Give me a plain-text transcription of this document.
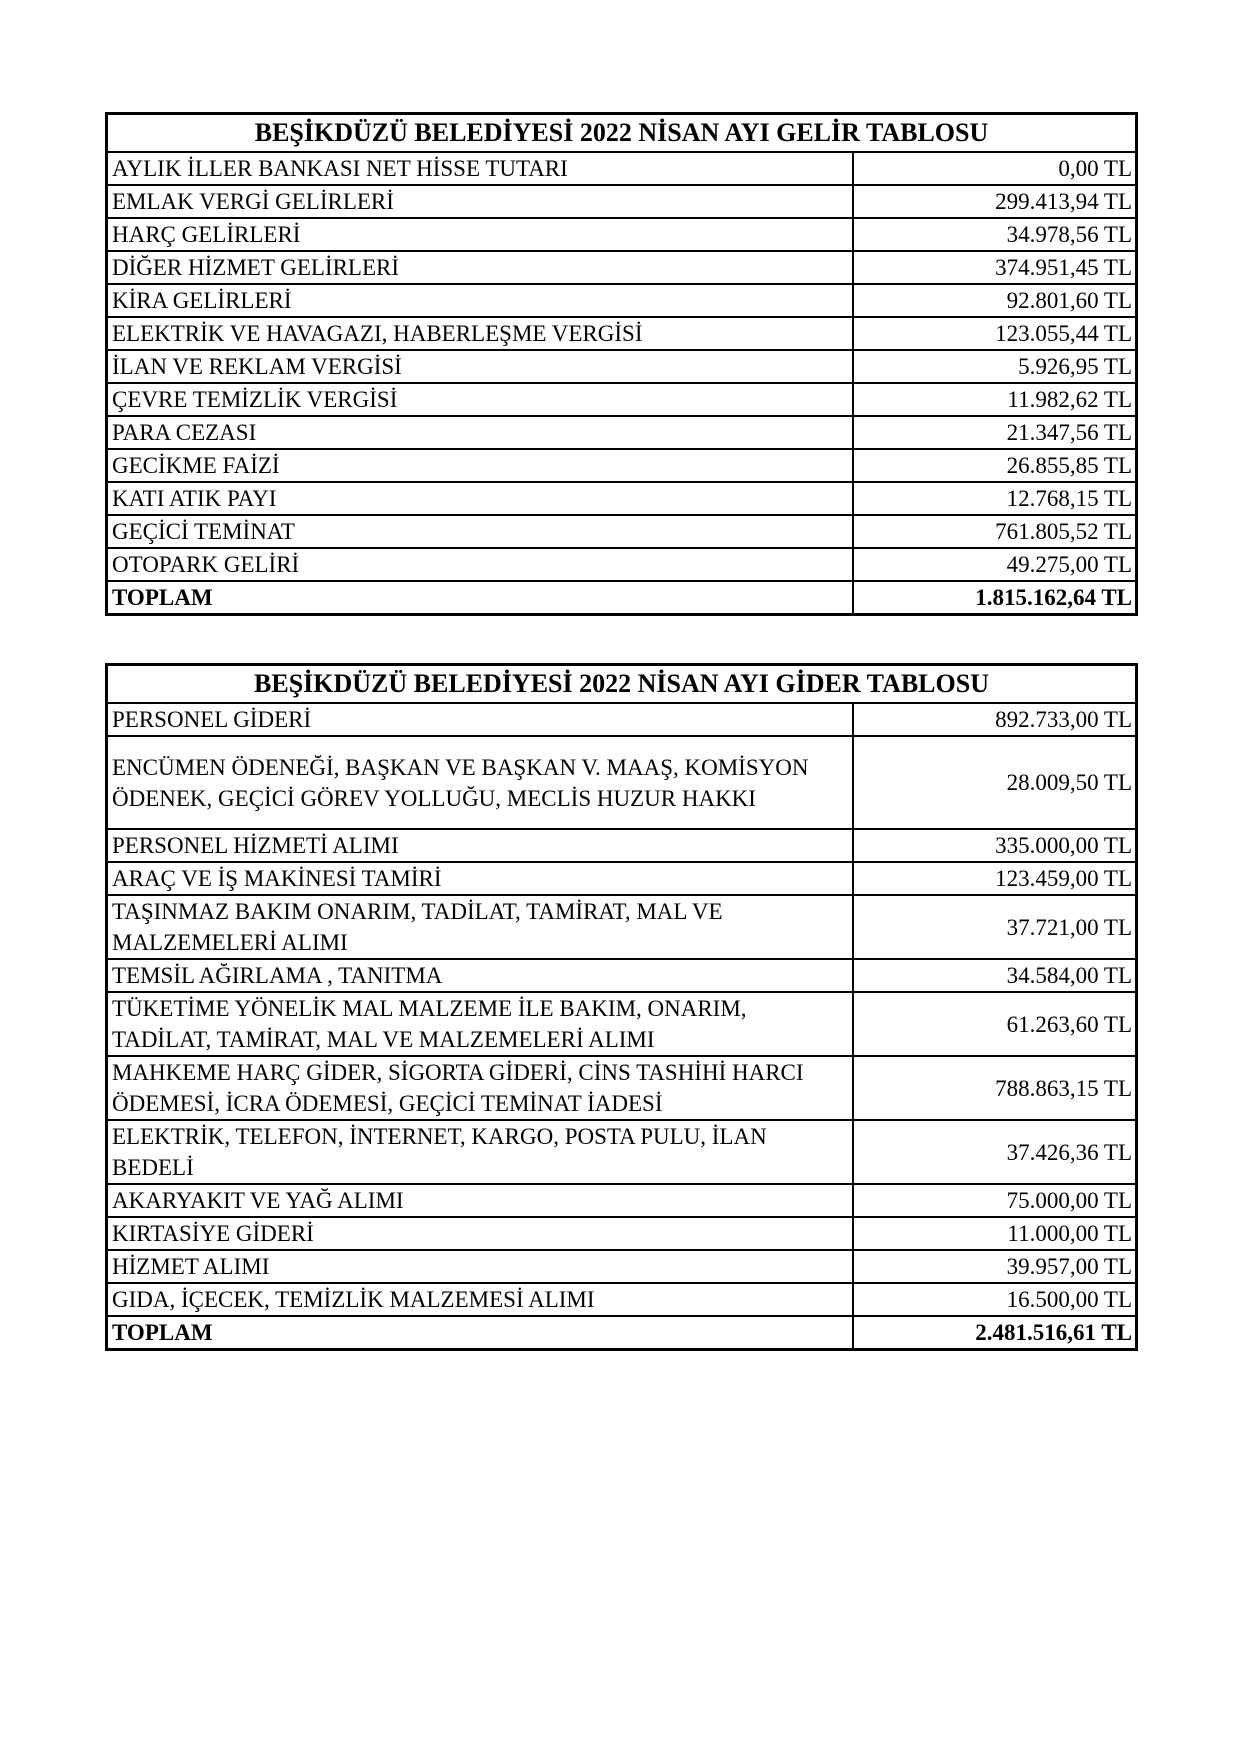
BEŞİKDÜZÜ BELEDİYESİ 2022 NİSAN AYI GELİR TABLOSU	
AYLIK İLLER BANKASI NET HİSSE TUTARI	0,00 TL
EMLAK VERGİ GELİRLERİ	299.413,94 TL
HARÇ GELİRLERİ	34.978,56 TL
DİĞER HİZMET GELİRLERİ	374.951,45 TL
KİRA GELİRLERİ	92.801,60 TL
ELEKTRİK VE HAVAGAZI, HABERLEŞME VERGİSİ	123.055,44 TL
İLAN VE REKLAM VERGİSİ	5.926,95 TL
ÇEVRE TEMİZLİK VERGİSİ	11.982,62 TL
PARA CEZASI	21.347,56 TL
GECİKME FAİZİ	26.855,85 TL
KATI ATIK PAYI	12.768,15 TL
GEÇİCİ TEMİNAT	761.805,52 TL
OTOPARK GELİRİ	49.275,00 TL
TOPLAM	1.815.162,64 TL
BEŞİKDÜZÜ BELEDİYESİ 2022 NİSAN AYI GİDER TABLOSU	
PERSONEL GİDERİ	892.733,00 TL
ENCÜMEN ÖDENEĞİ, BAŞKAN VE BAŞKAN V. MAAŞ, KOMİSYON ÖDENEK, GEÇİCİ GÖREV YOLLUĞU, MECLİS HUZUR HAKKI	28.009,50 TL
PERSONEL HİZMETİ ALIMI	335.000,00 TL
ARAÇ VE İŞ MAKİNESİ TAMİRİ	123.459,00 TL
TAŞINMAZ BAKIM ONARIM, TADİLAT, TAMİRAT, MAL VE MALZEMELERİ ALIMI	37.721,00 TL
TEMSİL AĞIRLAMA , TANITMA	34.584,00 TL
TÜKETİME YÖNELİK MAL MALZEME İLE BAKIM, ONARIM, TADİLAT, TAMİRAT, MAL VE MALZEMELERİ ALIMI	61.263,60 TL
MAHKEME HARÇ GİDER, SİGORTA GİDERİ, CİNS TASHİHİ HARCI ÖDEMESİ, İCRA ÖDEMESİ, GEÇİCİ TEMİNAT İADESİ	788.863,15 TL
ELEKTRİK, TELEFON, İNTERNET, KARGO, POSTA PULU, İLAN BEDELİ	37.426,36 TL
AKARYAKIT VE YAĞ ALIMI	75.000,00 TL
KIRTASİYE GİDERİ	11.000,00 TL
HİZMET ALIMI	39.957,00 TL
GIDA, İÇECEK, TEMİZLİK MALZEMESİ ALIMI	16.500,00 TL
TOPLAM	2.481.516,61 TL
